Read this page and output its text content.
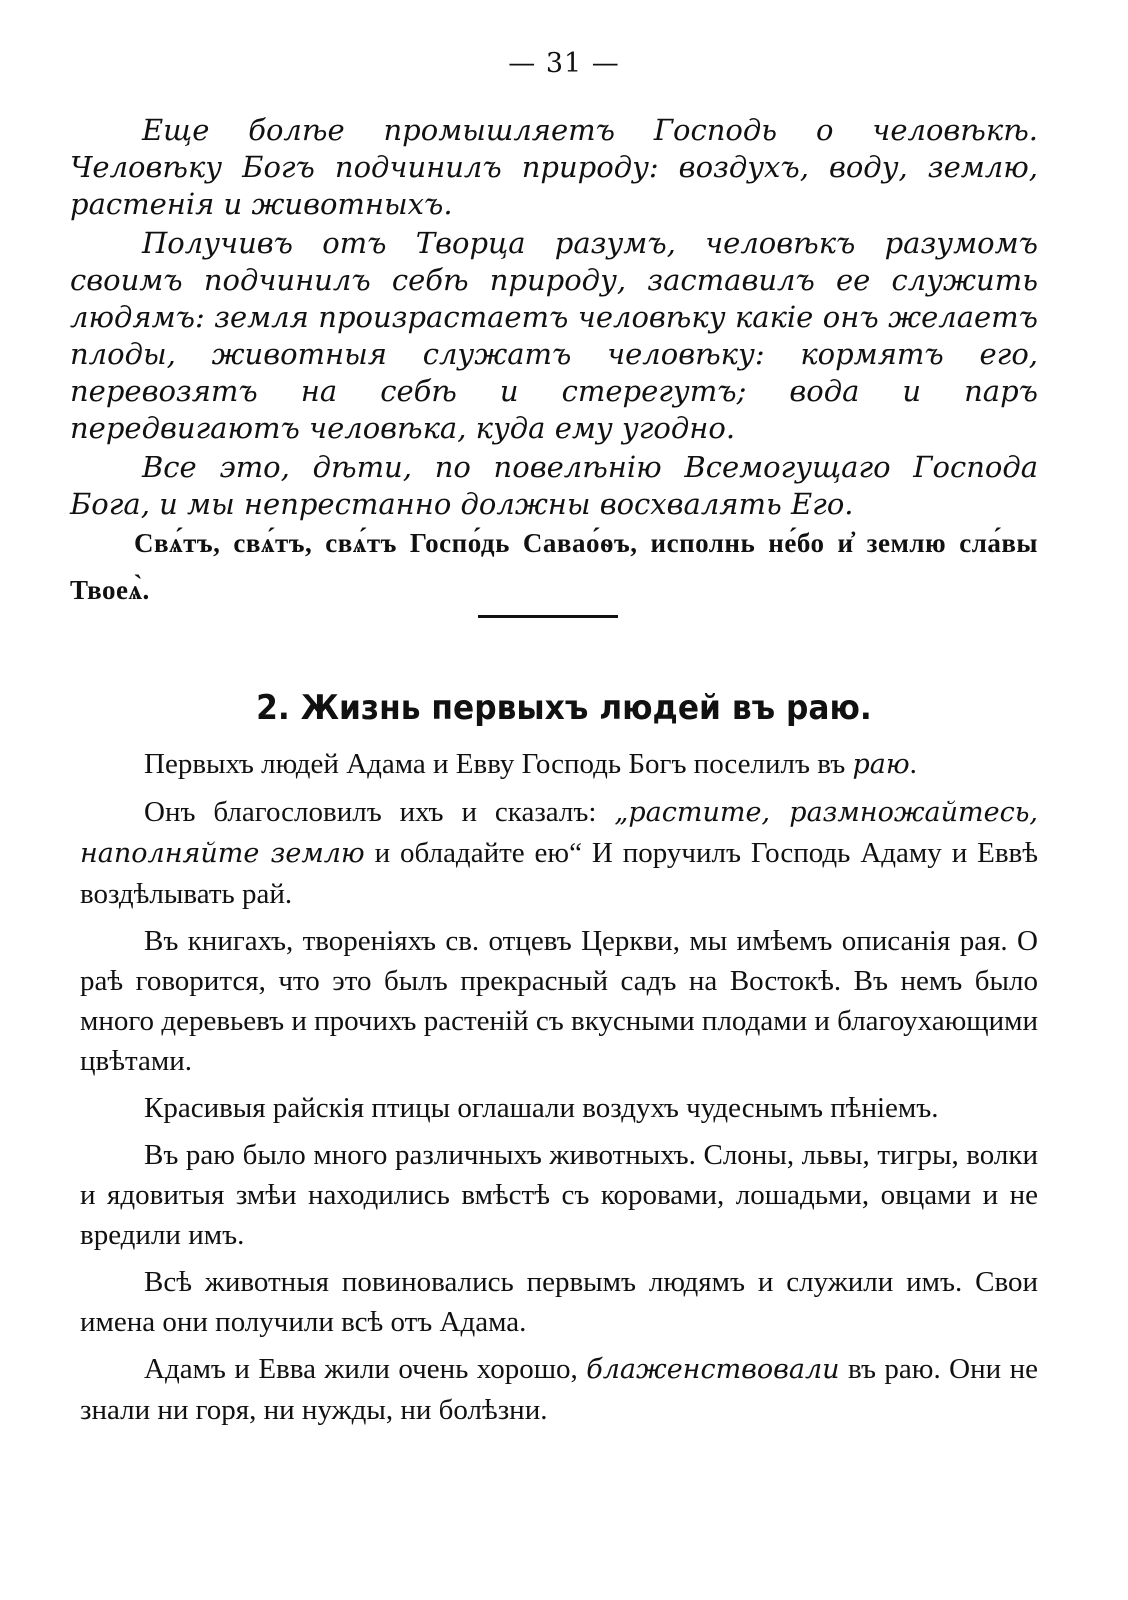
— 31 —

Еще болѣе промышляетъ Господь о человѣкѣ. Человѣку Богъ подчинилъ природу: воздухъ, воду, землю, растенія и животныхъ.

Получивъ отъ Творца разумъ, человѣкъ разумомъ своимъ подчинилъ себѣ природу, заставилъ ее служить людямъ: земля произрастаетъ человѣку какіе онъ желаетъ плоды, животныя служатъ человѣку: кормятъ его, перевозятъ на себѣ и стерегутъ; вода и паръ передвигаютъ человѣка, куда ему угодно.

Все это, дѣти, по повелѣнію Всемогущаго Господа Бога, и мы непрестанно должны восхвалять Его.

Свѧ́тъ, свѧ́тъ, свѧ́тъ Госпо́дь Савао́ѳъ, исполнь не́бо и҆ землю сла́вы Твоеѧ̀.
2. Жизнь первыхъ людей въ раю.

Первыхъ людей Адама и Евву Господь Богъ поселилъ въ раю.

Онъ благословилъ ихъ и сказалъ: „растите, размножайтесь, наполняйте землю и обладайте ею“ И поручилъ Господь Адаму и Еввѣ воздѣлывать рай.

Въ книгахъ, твореніяхъ св. отцевъ Церкви, мы имѣемъ описанія рая. О раѣ говорится, что это былъ прекрасный садъ на Востокѣ. Въ немъ было много деревьевъ и прочихъ растеній съ вкусными плодами и благоухающими цвѣтами.

Красивыя райскія птицы оглашали воздухъ чудеснымъ пѣніемъ.

Въ раю было много различныхъ животныхъ. Слоны, львы, тигры, волки и ядовитыя змѣи находились вмѣстѣ съ коровами, лошадьми, овцами и не вредили имъ.

Всѣ животныя повиновались первымъ людямъ и служили имъ. Свои имена они получили всѣ отъ Адама.

Адамъ и Евва жили очень хорошо, блаженствовали въ раю. Они не знали ни горя, ни нужды, ни болѣзни.
